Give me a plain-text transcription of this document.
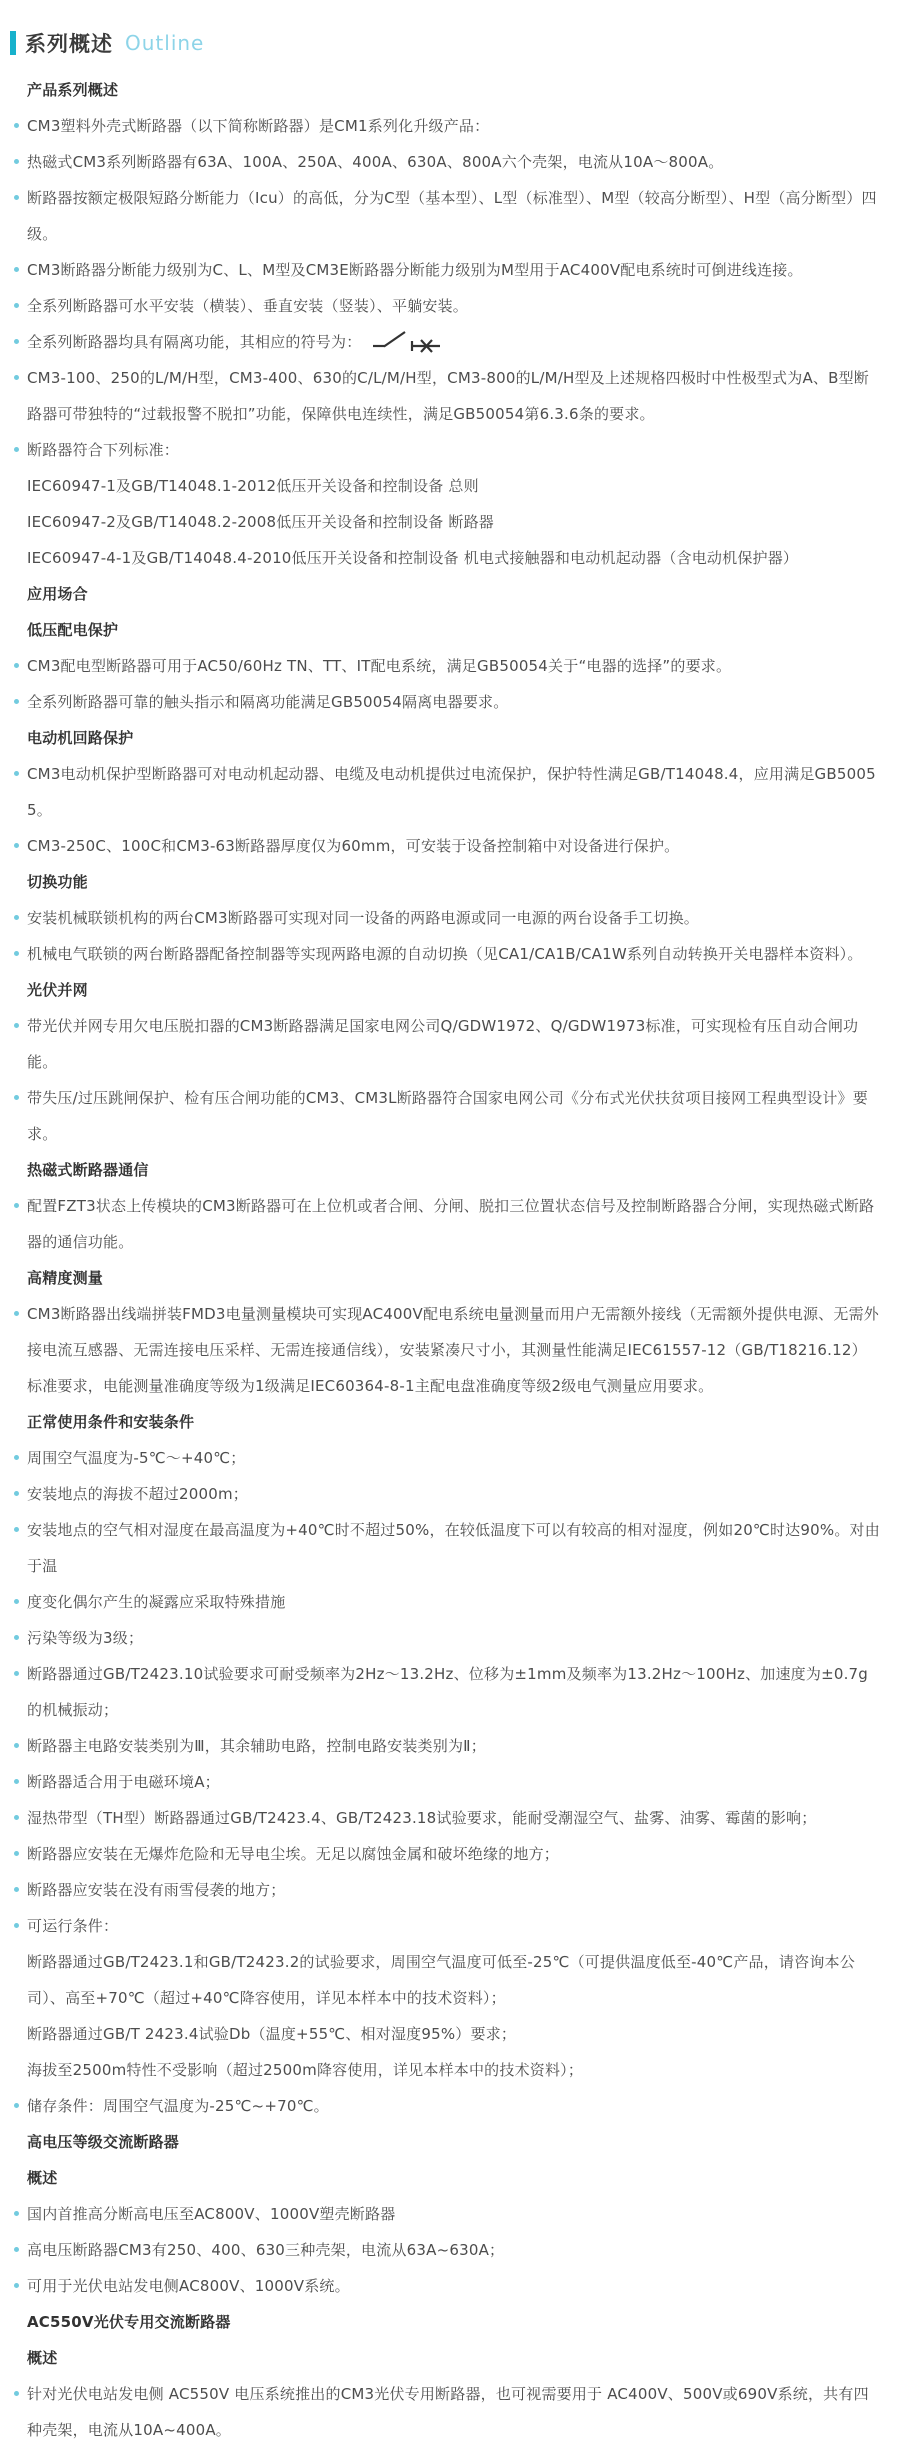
系列概述 Outline
产品系列概述
CM3塑料外壳式断路器（以下简称断路器）是CM1系列化升级产品：
热磁式CM3系列断路器有63A、100A、250A、400A、630A、800A六个壳架，电流从10A～800A。
断路器按额定极限短路分断能力（Icu）的高低，分为C型（基本型）、L型（标准型）、M型（较高分断型）、H型（高分断型）四级。
CM3断路器分断能力级别为C、L、M型及CM3E断路器分断能力级别为M型用于AC400V配电系统时可倒进线连接。
全系列断路器可水平安装（横装）、垂直安装（竖装）、平躺安装。
全系列断路器均具有隔离功能，其相应的符号为：
CM3-100、250的L/M/H型，CM3-400、630的C/L/M/H型，CM3-800的L/M/H型及上述规格四极时中性极型式为A、B型断路器可带独特的“过载报警不脱扣”功能，保障供电连续性，满足GB50054第6.3.6条的要求。
断路器符合下列标准：
IEC60947-1及GB/T14048.1-2012低压开关设备和控制设备 总则
IEC60947-2及GB/T14048.2-2008低压开关设备和控制设备 断路器
IEC60947-4-1及GB/T14048.4-2010低压开关设备和控制设备 机电式接触器和电动机起动器（含电动机保护器）
应用场合
低压配电保护
CM3配电型断路器可用于AC50/60Hz TN、TT、IT配电系统，满足GB50054关于“电器的选择”的要求。
全系列断路器可靠的触头指示和隔离功能满足GB50054隔离电器要求。
电动机回路保护
CM3电动机保护型断路器可对电动机起动器、电缆及电动机提供过电流保护，保护特性满足GB/T14048.4，应用满足GB50055。
CM3-250C、100C和CM3-63断路器厚度仅为60mm，可安装于设备控制箱中对设备进行保护。
切换功能
安装机械联锁机构的两台CM3断路器可实现对同一设备的两路电源或同一电源的两台设备手工切换。
机械电气联锁的两台断路器配备控制器等实现两路电源的自动切换（见CA1/CA1B/CA1W系列自动转换开关电器样本资料）。
光伏并网
带光伏并网专用欠电压脱扣器的CM3断路器满足国家电网公司Q/GDW1972、Q/GDW1973标准，可实现检有压自动合闸功能。
带失压/过压跳闸保护、检有压合闸功能的CM3、CM3L断路器符合国家电网公司《分布式光伏扶贫项目接网工程典型设计》要求。
热磁式断路器通信
配置FZT3状态上传模块的CM3断路器可在上位机或者合闸、分闸、脱扣三位置状态信号及控制断路器合分闸，实现热磁式断路器的通信功能。
高精度测量
CM3断路器出线端拼装FMD3电量测量模块可实现AC400V配电系统电量测量而用户无需额外接线（无需额外提供电源、无需外接电流互感器、无需连接电压采样、无需连接通信线），安装紧凑尺寸小，其测量性能满足IEC61557-12（GB/T18216.12）标准要求，电能测量准确度等级为1级满足IEC60364-8-1主配电盘准确度等级2级电气测量应用要求。
正常使用条件和安装条件
周围空气温度为-5℃～+40℃；
安装地点的海拔不超过2000m；
安装地点的空气相对湿度在最高温度为+40℃时不超过50%，在较低温度下可以有较高的相对湿度，例如20℃时达90%。对由于温
度变化偶尔产生的凝露应采取特殊措施
污染等级为3级；
断路器通过GB/T2423.10试验要求可耐受频率为2Hz～13.2Hz、位移为±1mm及频率为13.2Hz～100Hz、加速度为±0.7g的机械振动；
断路器主电路安装类别为Ⅲ，其余辅助电路，控制电路安装类别为Ⅱ；
断路器适合用于电磁环境A；
湿热带型（TH型）断路器通过GB/T2423.4、GB/T2423.18试验要求，能耐受潮湿空气、盐雾、油雾、霉菌的影响；
断路器应安装在无爆炸危险和无导电尘埃。无足以腐蚀金属和破坏绝缘的地方；
断路器应安装在没有雨雪侵袭的地方；
可运行条件：
断路器通过GB/T2423.1和GB/T2423.2的试验要求，周围空气温度可低至-25℃（可提供温度低至-40℃产品，请咨询本公司）、高至+70℃（超过+40℃降容使用，详见本样本中的技术资料）；
断路器通过GB/T 2423.4试验Db（温度+55℃、相对湿度95%）要求；
海拔至2500m特性不受影响（超过2500m降容使用，详见本样本中的技术资料）；
储存条件：周围空气温度为-25℃~+70℃。
高电压等级交流断路器
概述
国内首推高分断高电压至AC800V、1000V塑壳断路器
高电压断路器CM3有250、400、630三种壳架，电流从63A~630A；
可用于光伏电站发电侧AC800V、1000V系统。
AC550V光伏专用交流断路器
概述
针对光伏电站发电侧 AC550V 电压系统推出的CM3光伏专用断路器，也可视需要用于 AC400V、500V或690V系统，共有四种壳架，电流从10A~400A。
